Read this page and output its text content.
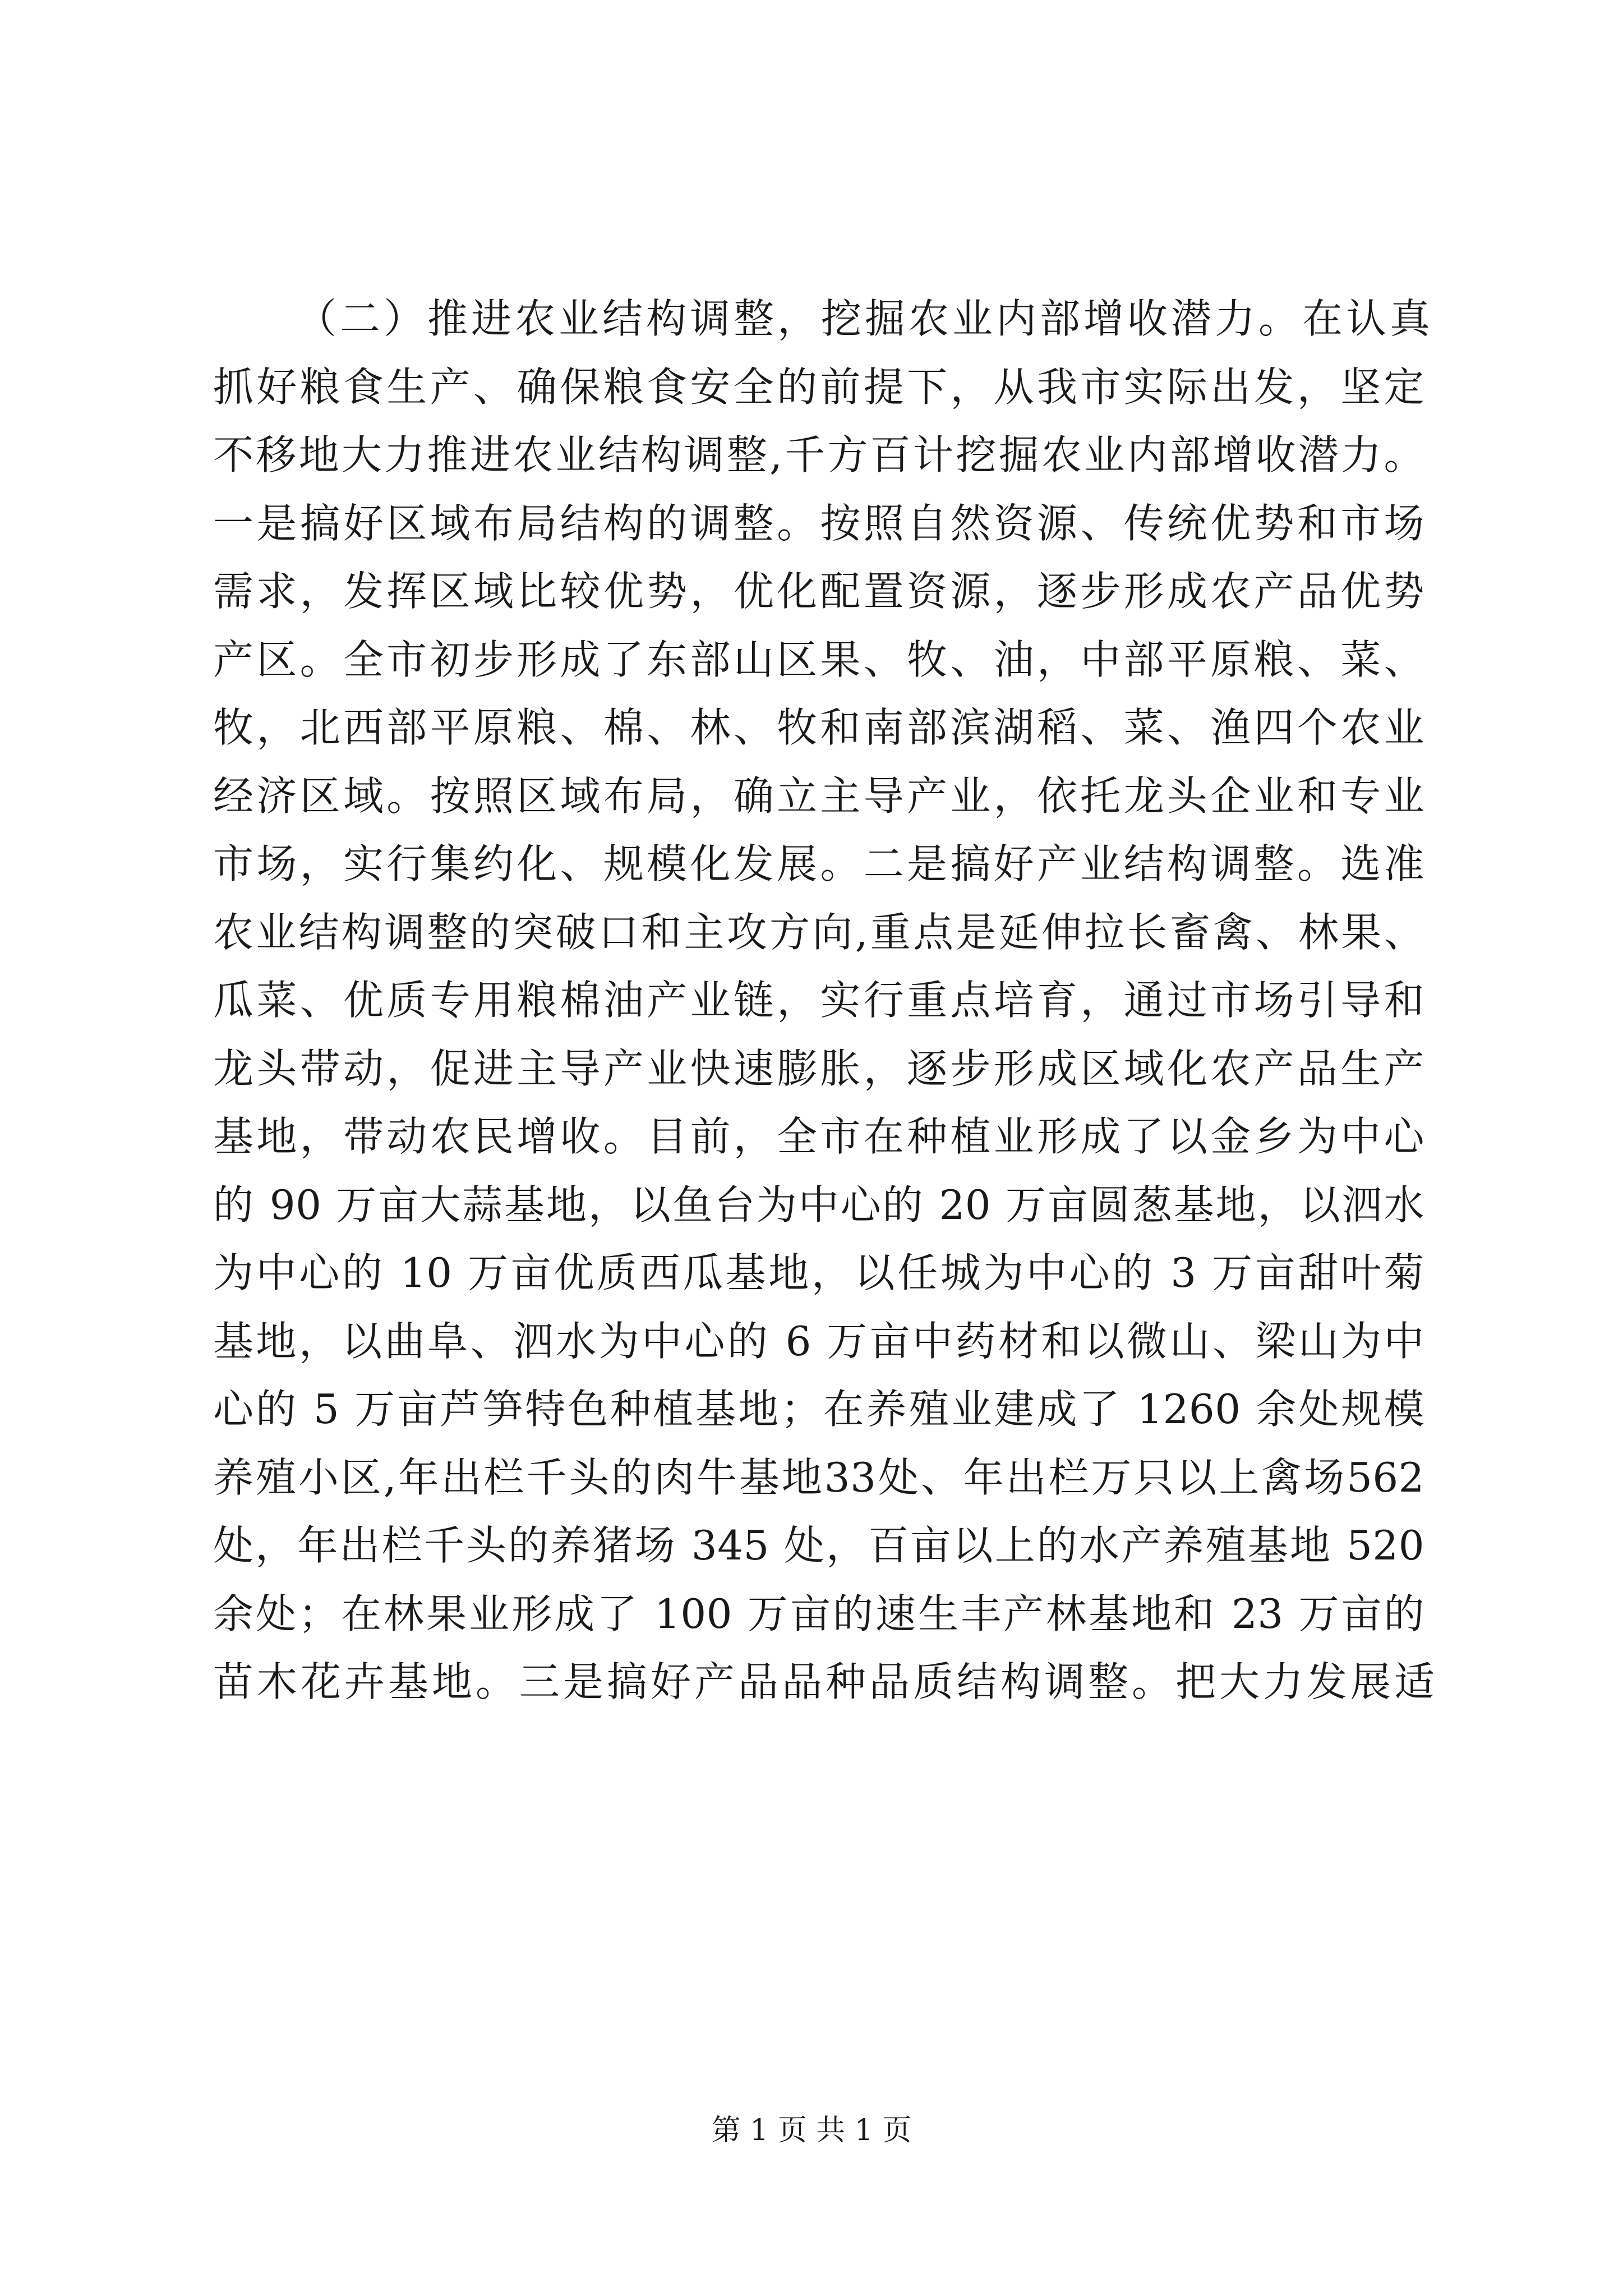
（二）推进农业结构调整，挖掘农业内部增收潜力。在认真
抓好粮食生产、确保粮食安全的前提下，从我市实际出发，坚定
不移地大力推进农业结构调整,千方百计挖掘农业内部增收潜力。
一是搞好区域布局结构的调整。按照自然资源、传统优势和市场
需求，发挥区域比较优势，优化配置资源，逐步形成农产品优势
产区。全市初步形成了东部山区果、牧、油，中部平原粮、菜、
牧，北西部平原粮、棉、林、牧和南部滨湖稻、菜、渔四个农业
经济区域。按照区域布局，确立主导产业，依托龙头企业和专业
市场，实行集约化、规模化发展。二是搞好产业结构调整。选准
农业结构调整的突破口和主攻方向,重点是延伸拉长畜禽、林果、
瓜菜、优质专用粮棉油产业链，实行重点培育，通过市场引导和
龙头带动，促进主导产业快速膨胀，逐步形成区域化农产品生产
基地，带动农民增收。目前，全市在种植业形成了以金乡为中心
的 90 万亩大蒜基地，以鱼台为中心的 20 万亩圆葱基地，以泗水
为中心的 10 万亩优质西瓜基地，以任城为中心的 3 万亩甜叶菊
基地，以曲阜、泗水为中心的 6 万亩中药材和以微山、梁山为中
心的 5 万亩芦笋特色种植基地；在养殖业建成了 1260 余处规模
养殖小区,年出栏千头的肉牛基地33处、年出栏万只以上禽场562
处，年出栏千头的养猪场 345 处，百亩以上的水产养殖基地 520
余处；在林果业形成了 100 万亩的速生丰产林基地和 23 万亩的
苗木花卉基地。三是搞好产品品种品质结构调整。把大力发展适
第 1 页 共 1 页
